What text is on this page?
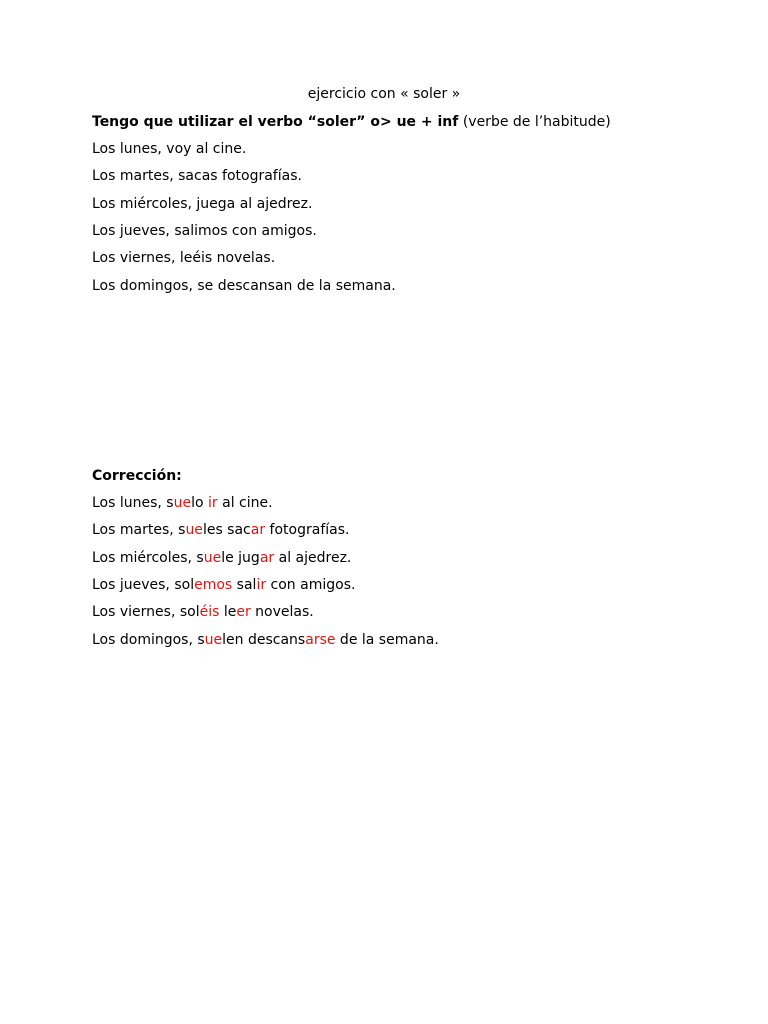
ejercicio con « soler »
Tengo que utilizar el verbo “soler” o> ue + inf (verbe de l’habitude)
Los lunes, voy al cine.
Los martes, sacas fotografías.
Los miércoles, juega al ajedrez.
Los jueves, salimos con amigos.
Los viernes, leéis novelas.
Los domingos, se descansan de la semana.
Corrección:
Los lunes, suelo ir al cine.
Los martes, sueles sacar fotografías.
Los miércoles, suele jugar al ajedrez.
Los jueves, solemos salir con amigos.
Los viernes, soléis leer novelas.
Los domingos, suelen descansarse de la semana.
